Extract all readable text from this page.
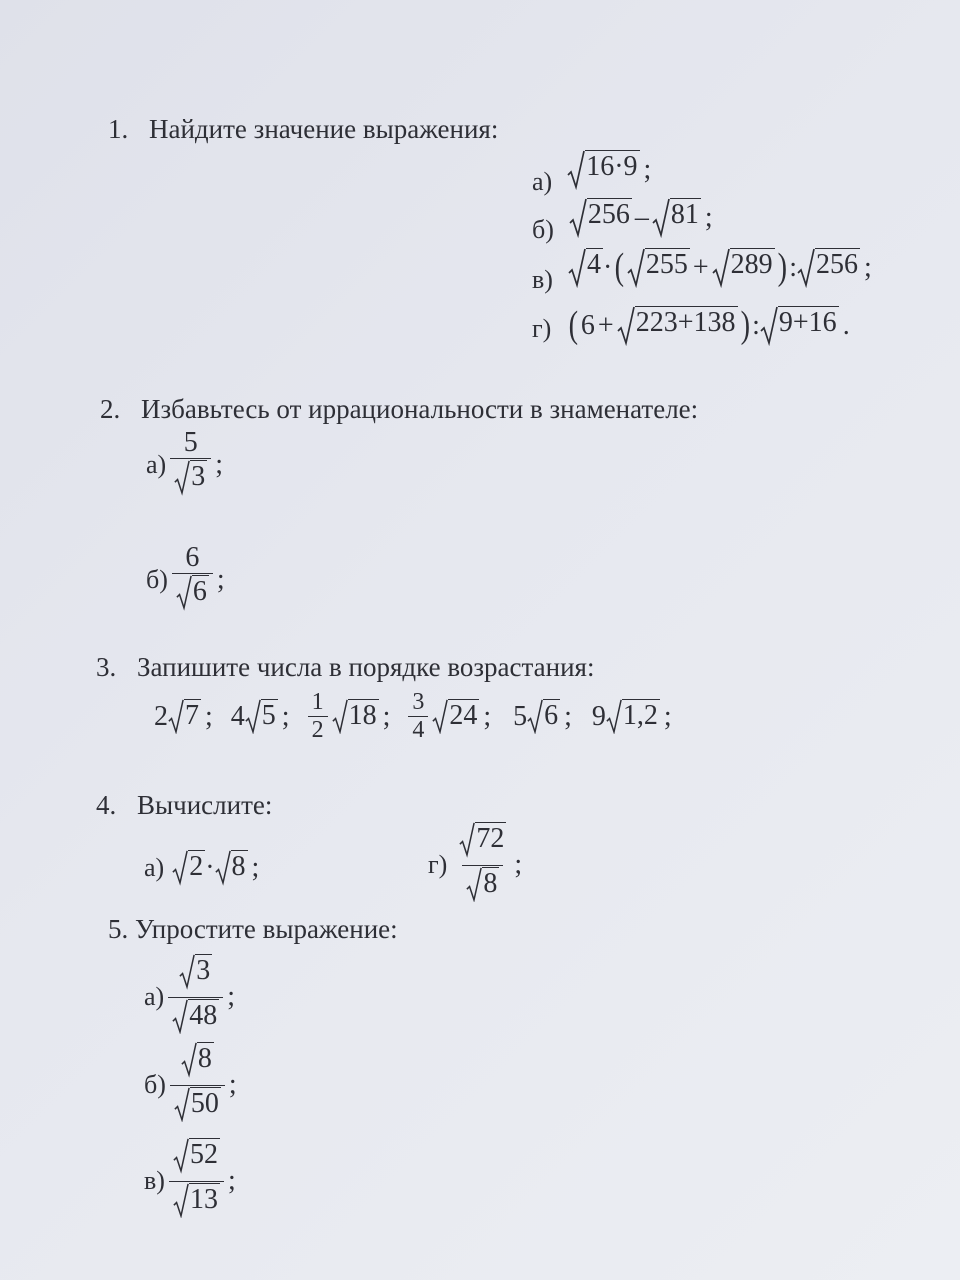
1. Найдите значение выражения:
а) 16·9 ;
б) 256 – 81 ;
в) 4 · ( 255 + 289 ) : 256 ;
г) ( 6 + 223+138 ) : 9+16 .
2. Избавьтесь от иррациональности в знаменателе:
$а) \frac{5}{3}$ ;
$б) \frac{6}{6}$ ;
3. Запишите числа в порядке возрастания:
2 7 ; 4 5 ; $\frac{1}{2} 18$ ; $\frac{3}{4} 24$ ; 5 6 ; 9 1,2 ;
4. Вычислите:
а) 2 · 8 ;	$г) \frac{72}{8}$ ;
5. Упростите выражение:
$а) \frac{3}{48}$ ;
$б) \frac{8}{50}$ ;
$в) \frac{52}{13}$ ;
